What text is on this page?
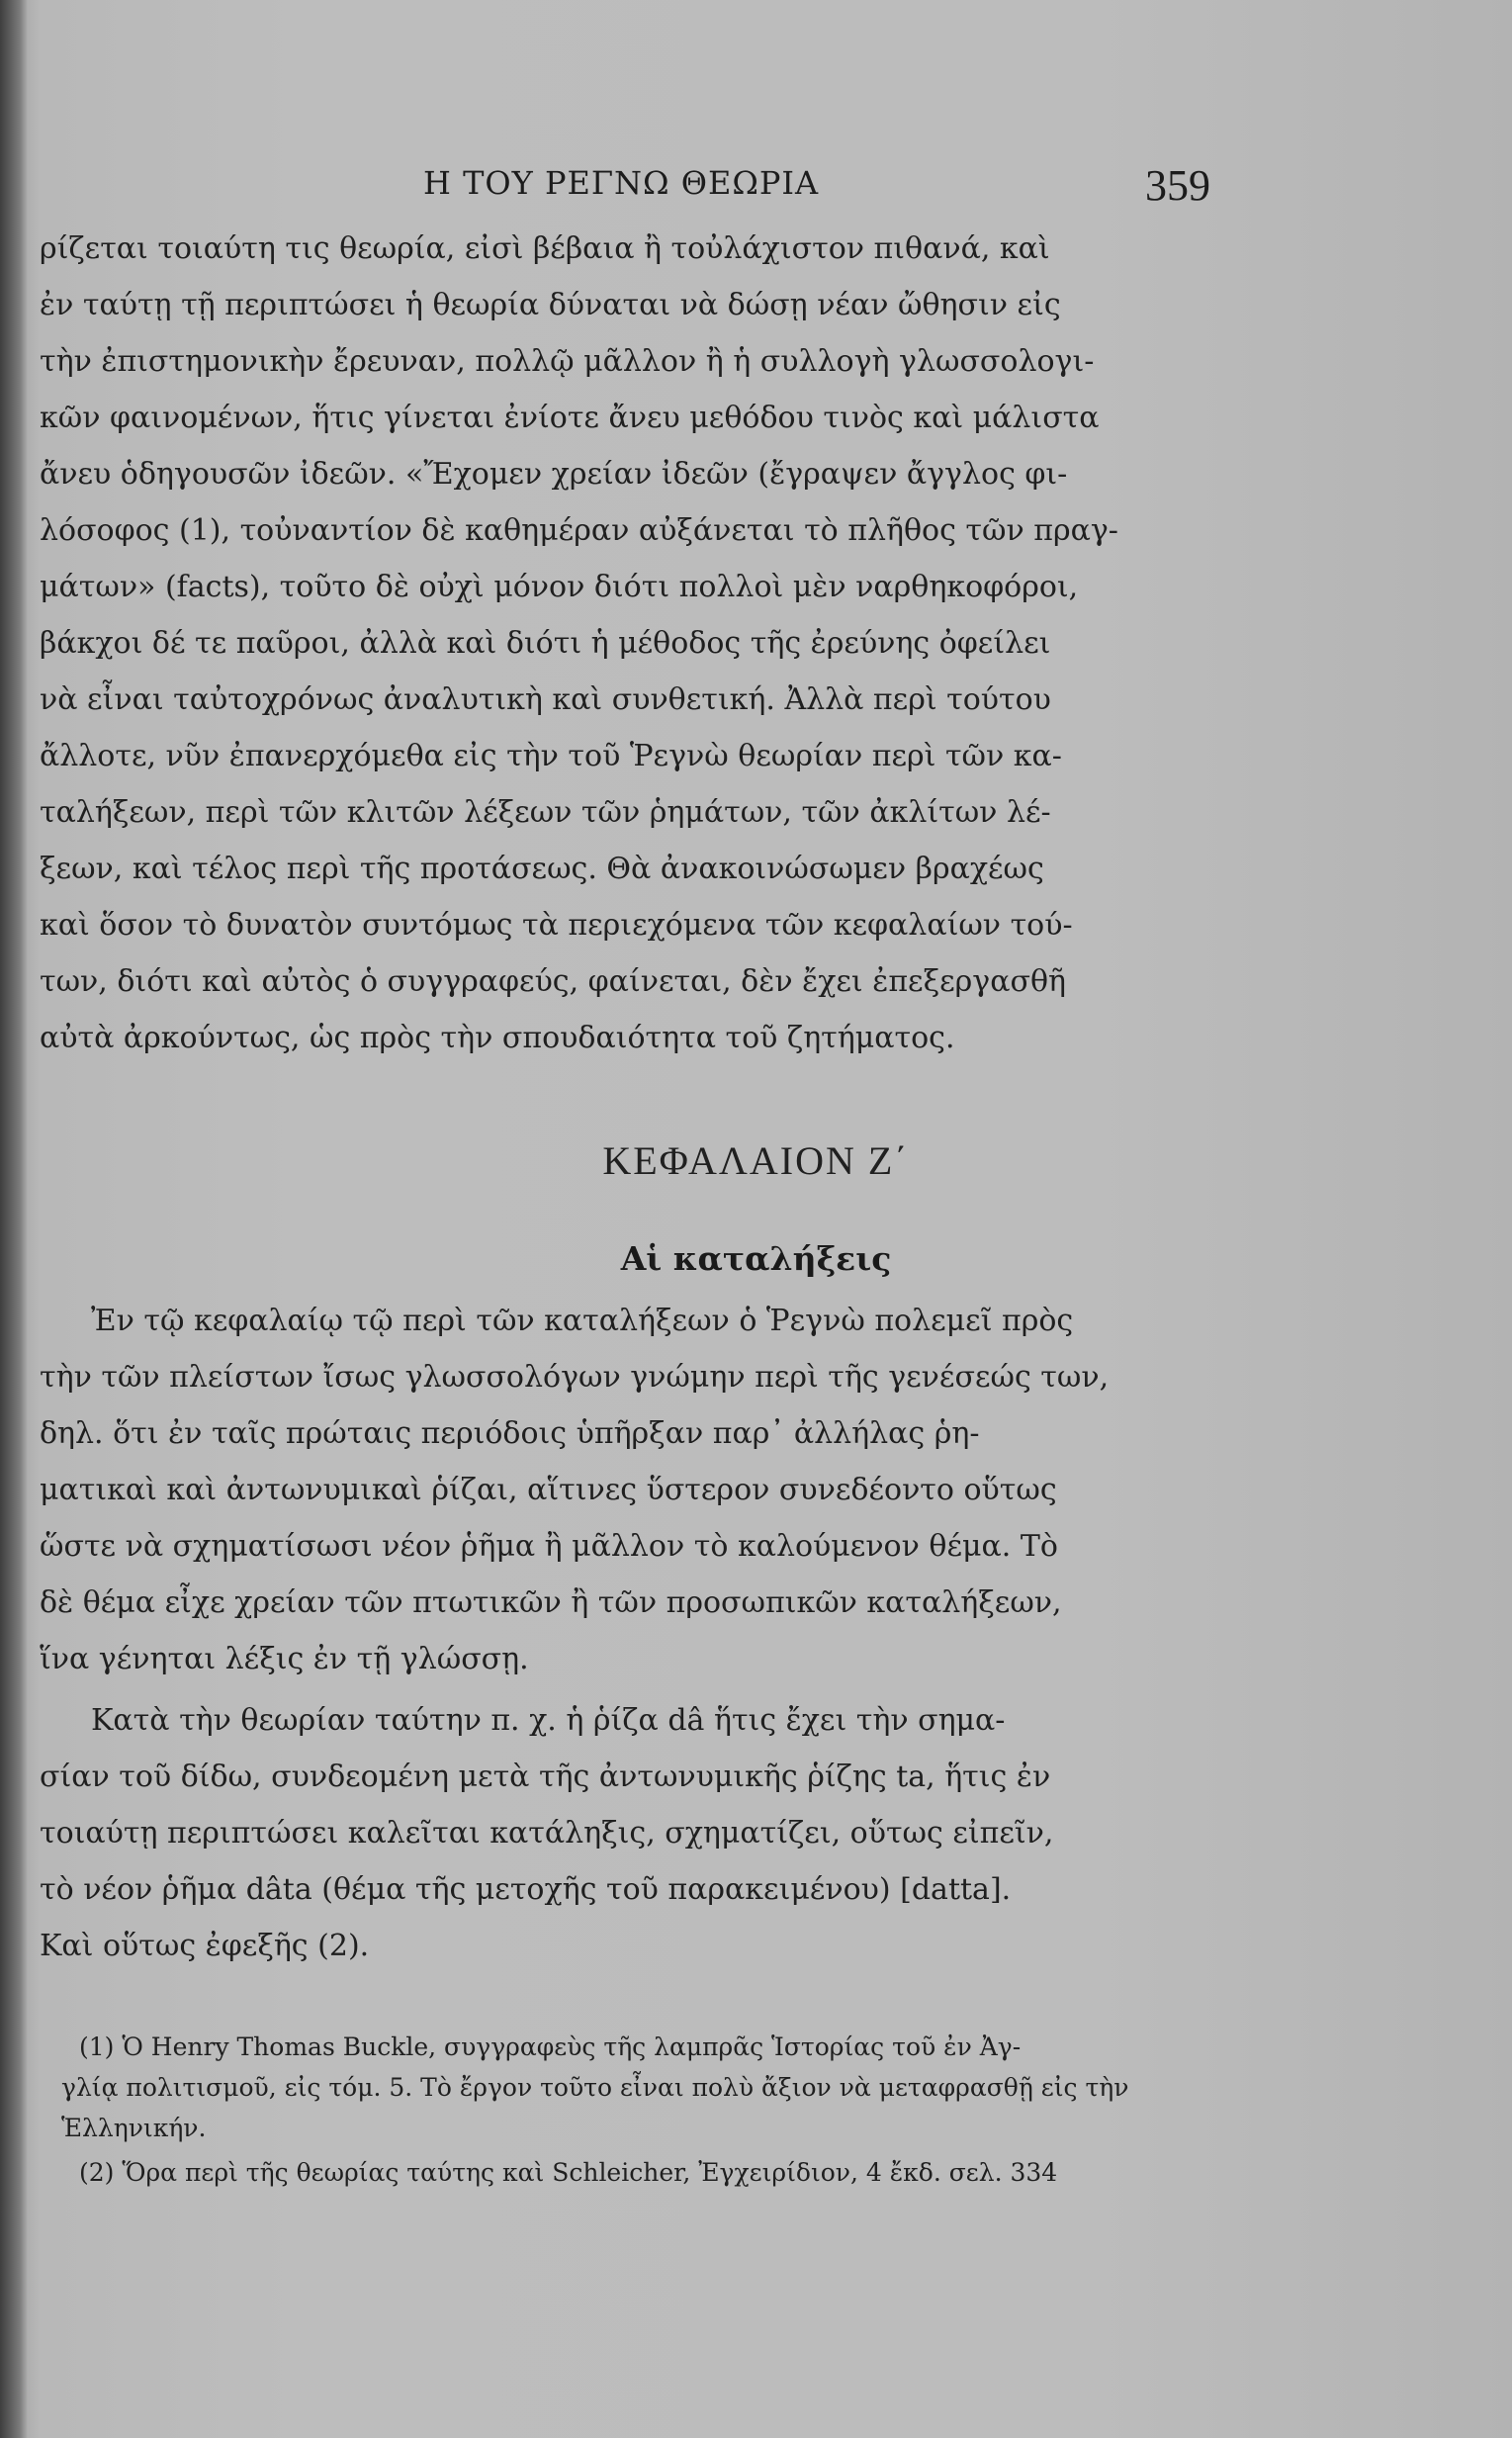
Η ΤΟΥ ΡΕΓΝΩ ΘΕΩΡΙΑ	359
ρίζεται τοιαύτη τις θεωρία, εἰσὶ βέβαια ἢ τοὐλάχιστον πιθανά, καὶ
ἐν ταύτῃ τῇ περιπτώσει ἡ θεωρία δύναται νὰ δώσῃ νέαν ὤθησιν εἰς
τὴν ἐπιστημονικὴν ἔρευναν, πολλῷ μᾶλλον ἢ ἡ συλλογὴ γλωσσολογι-
κῶν φαινομένων, ἥτις γίνεται ἐνίοτε ἄνευ μεθόδου τινὸς καὶ μάλιστα
ἄνευ ὁδηγουσῶν ἰδεῶν. «Ἔχομεν χρείαν ἰδεῶν (ἔγραψεν ἄγγλος φι-
λόσοφος (1), τοὐναντίον δὲ καθημέραν αὐξάνεται τὸ πλῆθος τῶν πραγ-
μάτων» (facts), τοῦτο δὲ οὐχὶ μόνον διότι πολλοὶ μὲν ναρθηκοφόροι,
βάκχοι δέ τε παῦροι, ἀλλὰ καὶ διότι ἡ μέθοδος τῆς ἐρεύνης ὀφείλει
νὰ εἶναι ταὐτοχρόνως ἀναλυτικὴ καὶ συνθετική. Ἀλλὰ περὶ τούτου
ἄλλοτε, νῦν ἐπανερχόμεθα εἰς τὴν τοῦ Ῥεγνὼ θεωρίαν περὶ τῶν κα-
ταλήξεων, περὶ τῶν κλιτῶν λέξεων τῶν ῥημάτων, τῶν ἀκλίτων λέ-
ξεων, καὶ τέλος περὶ τῆς προτάσεως. Θὰ ἀνακοινώσωμεν βραχέως
καὶ ὅσον τὸ δυνατὸν συντόμως τὰ περιεχόμενα τῶν κεφαλαίων τού-
των, διότι καὶ αὐτὸς ὁ συγγραφεύς, φαίνεται, δὲν ἔχει ἐπεξεργασθῆ
αὐτὰ ἀρκούντως, ὡς πρὸς τὴν σπουδαιότητα τοῦ ζητήματος.
ΚΕΦΑΛΑΙΟΝ Ζ΄
Αἱ καταλήξεις
Ἐν τῷ κεφαλαίῳ τῷ περὶ τῶν καταλήξεων ὁ Ῥεγνὼ πολεμεῖ πρὸς
τὴν τῶν πλείστων ἴσως γλωσσολόγων γνώμην περὶ τῆς γενέσεώς των,
δηλ. ὅτι ἐν ταῖς πρώταις περιόδοις ὑπῆρξαν παρ᾽ ἀλλήλας ῥη-
ματικαὶ καὶ ἀντωνυμικαὶ ῥίζαι, αἵτινες ὕστερον συνεδέοντο οὕτως
ὥστε νὰ σχηματίσωσι νέον ῥῆμα ἢ μᾶλλον τὸ καλούμενον θέμα. Τὸ
δὲ θέμα εἶχε χρείαν τῶν πτωτικῶν ἢ τῶν προσωπικῶν καταλήξεων,
ἵνα γένηται λέξις ἐν τῇ γλώσσῃ.
Κατὰ τὴν θεωρίαν ταύτην π. χ. ἡ ῥίζα dâ ἥτις ἔχει τὴν σημα-
σίαν τοῦ δίδω, συνδεομένη μετὰ τῆς ἀντωνυμικῆς ῥίζης ta, ἥτις ἐν
τοιαύτῃ περιπτώσει καλεῖται κατάληξις, σχηματίζει, οὕτως εἰπεῖν,
τὸ νέον ῥῆμα dâta (θέμα τῆς μετοχῆς τοῦ παρακειμένου) [datta].
Καὶ οὕτως ἐφεξῆς (2).
(1) Ὁ Henry Thomas Buckle, συγγραφεὺς τῆς λαμπρᾶς Ἱστορίας τοῦ ἐν Ἀγ-
γλίᾳ πολιτισμοῦ, εἰς τόμ. 5. Τὸ ἔργον τοῦτο εἶναι πολὺ ἄξιον νὰ μεταφρασθῇ εἰς τὴν
Ἑλληνικήν.
(2) Ὅρα περὶ τῆς θεωρίας ταύτης καὶ Schleicher, Ἐγχειρίδιον, 4 ἔκδ. σελ. 334
